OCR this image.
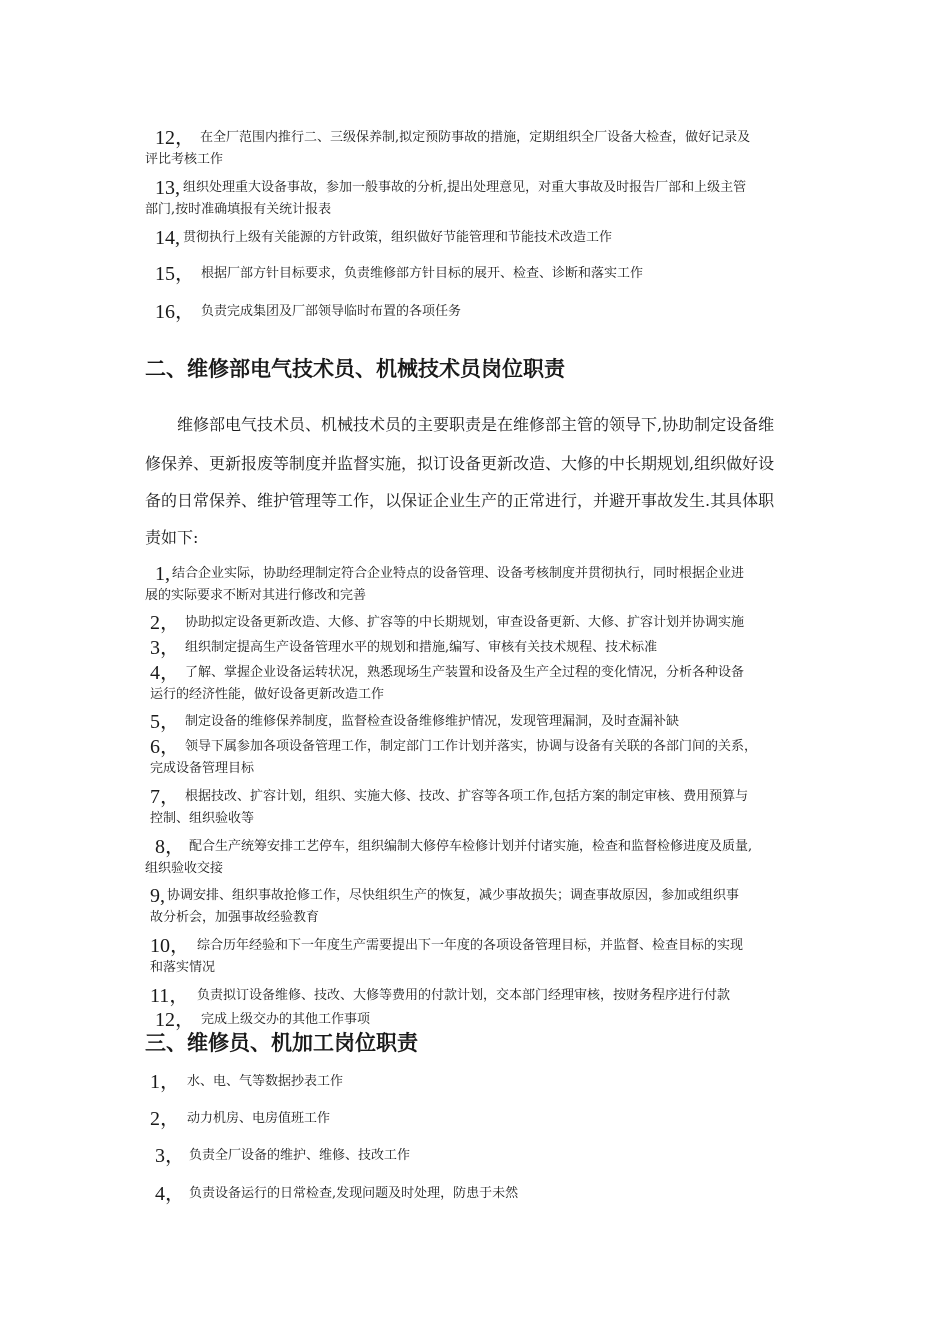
12， 在全厂范围内推行二、三级保养制,拟定预防事故的措施，定期组织全厂设备大检查，做好记录及
评比考核工作
13, 组织处理重大设备事故，参加一般事故的分析,提出处理意见，对重大事故及时报告厂部和上级主管
部门,按时准确填报有关统计报表
14, 贯彻执行上级有关能源的方针政策，组织做好节能管理和节能技术改造工作
15， 根据厂部方针目标要求，负责维修部方针目标的展开、检查、诊断和落实工作
16， 负责完成集团及厂部领导临时布置的各项任务
二、维修部电气技术员、机械技术员岗位职责
维修部电气技术员、机械技术员的主要职责是在维修部主管的领导下,协助制定设备维
修保养、更新报废等制度并监督实施，拟订设备更新改造、大修的中长期规划,组织做好设
备的日常保养、维护管理等工作，以保证企业生产的正常进行，并避开事故发生.其具体职
责如下:
1, 结合企业实际，协助经理制定符合企业特点的设备管理、设备考核制度并贯彻执行，同时根据企业进
展的实际要求不断对其进行修改和完善
2， 协助拟定设备更新改造、大修、扩容等的中长期规划，审查设备更新、大修、扩容计划并协调实施
3， 组织制定提高生产设备管理水平的规划和措施,编写、审核有关技术规程、技术标准
4， 了解、掌握企业设备运转状况，熟悉现场生产装置和设备及生产全过程的变化情况，分析各种设备
运行的经济性能，做好设备更新改造工作
5， 制定设备的维修保养制度，监督检查设备维修维护情况，发现管理漏洞，及时查漏补缺
6， 领导下属参加各项设备管理工作，制定部门工作计划并落实，协调与设备有关联的各部门间的关系，
完成设备管理目标
7， 根据技改、扩容计划，组织、实施大修、技改、扩容等各项工作,包括方案的制定审核、费用预算与
控制、组织验收等
8， 配合生产统筹安排工艺停车，组织编制大修停车检修计划并付诸实施，检查和监督检修进度及质量,
组织验收交接
9, 协调安排、组织事故抢修工作，尽快组织生产的恢复，减少事故损失；调查事故原因，参加或组织事
故分析会，加强事故经验教育
10， 综合历年经验和下一年度生产需要提出下一年度的各项设备管理目标，并监督、检查目标的实现
和落实情况
11， 负责拟订设备维修、技改、大修等费用的付款计划，交本部门经理审核，按财务程序进行付款
12， 完成上级交办的其他工作事项
三、维修员、机加工岗位职责
1， 水、电、气等数据抄表工作
2， 动力机房、电房值班工作
3， 负责全厂设备的维护、维修、技改工作
4， 负责设备运行的日常检查,发现问题及时处理，防患于未然
